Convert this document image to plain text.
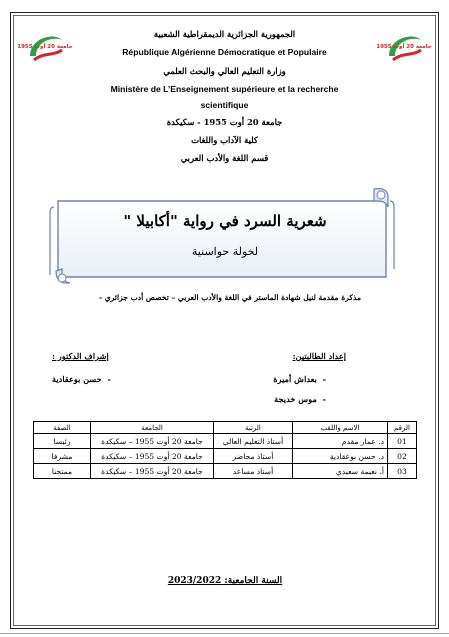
جامعة 20 أوت 1955	جامعة 20 أوت 1955
الجمهورية الجزائرية الديمقراطية الشعبية
République Algérienne Démocratique et Populaire
وزارة التعليم العالي والبحث العلمي
Ministère de L’Enseignement supérieure et la recherche
scientifique
جامعة 20 أوت 1955 - سكيكدة
كلية الآداب واللغات
قسم اللغة والأدب العربي
شعرية السرد في رواية "أكابيلا "
لخولة حواسنية
مذكرة مقدمة لنيل شهادة الماستر في اللغة والأدب العربي – تخصص أدب جزائري -
إعداد الطالبتين:
-  بعداش أميرة
-  موس خديجة
إشراف الدكتور :
-  حسن بوعقادية
الرقم	الاسم واللقب	الرتبة	الجامعة	الصفة
01	د. عمار مقدم	أستاذ التعليم العالي	جامعة 20 أوت 1955 – سكيكدة	رئيسا
02	د. حسن بوعقادية	أستاذ محاضر	جامعة 20 أوت 1955 – سكيكدة	مشرفا
03	أ. نعيمة سعيدي	أستاذ مساعد	جامعة 20 أوت 1955 – سكيكدة	ممتحنا
السنة الجامعية: 2023/2022
